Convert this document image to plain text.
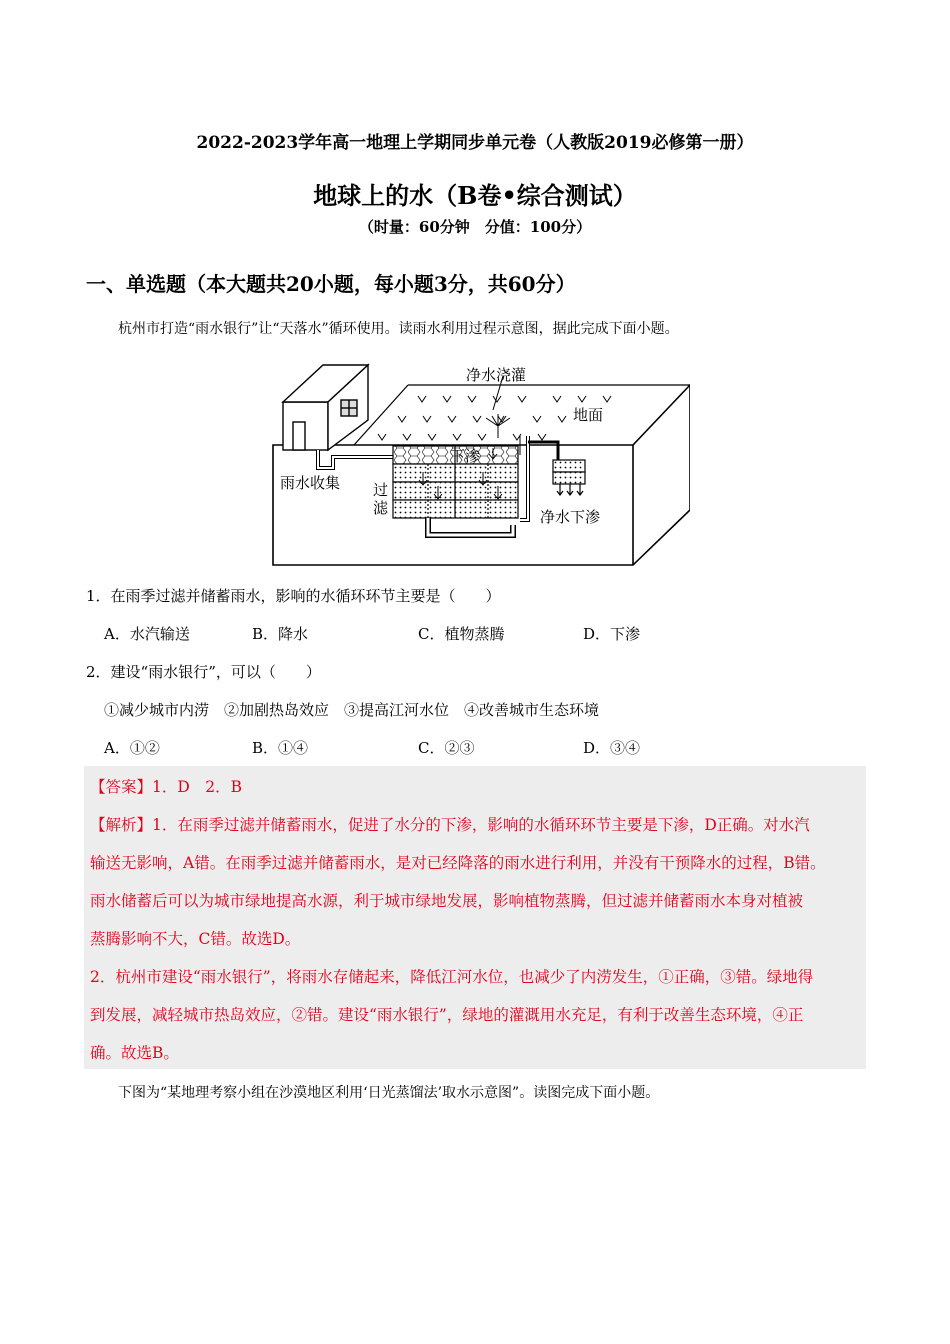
2022-2023学年高一地理上学期同步单元卷（人教版2019必修第一册）
地球上的水（B卷•综合测试）
（时量：60分钟　分值：100分）
一、单选题（本大题共20小题，每小题3分，共60分）
杭州市打造“雨水银行”让“天落水”循环使用。读雨水利用过程示意图，据此完成下面小题。
净水浇灌
地面
下渗
雨水收集 过
滤	净水下渗
1．在雨季过滤并储蓄雨水，影响的水循环环节主要是（　　）
A．水汽输送	B．降水	C．植物蒸腾	D．下渗
2．建设“雨水银行”，可以（　　）
①减少城市内涝　②加剧热岛效应　③提高江河水位　④改善城市生态环境
A．①②	B．①④	C．②③	D．③④
【答案】1．D　2．B
【解析】1．在雨季过滤并储蓄雨水，促进了水分的下渗，影响的水循环环节主要是下渗，D正确。对水汽
输送无影响，A错。在雨季过滤并储蓄雨水，是对已经降落的雨水进行利用，并没有干预降水的过程，B错。
雨水储蓄后可以为城市绿地提高水源，利于城市绿地发展，影响植物蒸腾，但过滤并储蓄雨水本身对植被
蒸腾影响不大，C错。故选D。
2．杭州市建设“雨水银行”，将雨水存储起来，降低江河水位，也减少了内涝发生，①正确，③错。绿地得
到发展，减轻城市热岛效应，②错。建设“雨水银行”，绿地的灌溉用水充足，有利于改善生态环境，④正
确。故选B。
下图为“某地理考察小组在沙漠地区利用‘日光蒸馏法’取水示意图”。读图完成下面小题。
